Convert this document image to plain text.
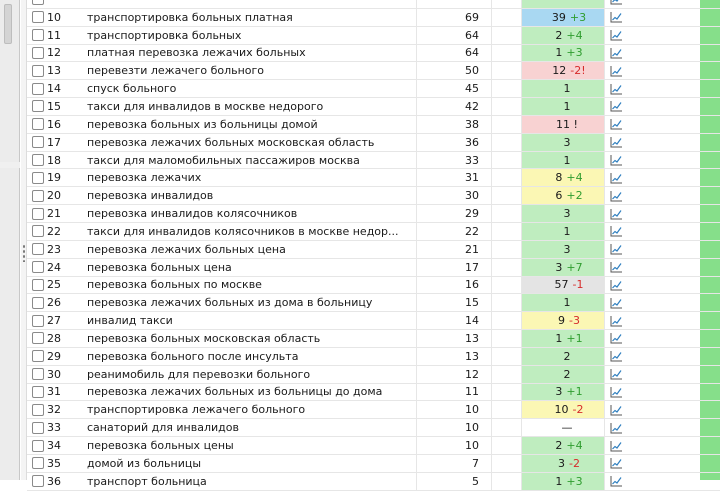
10	транспортировка больных платная	69	39 +3
11	транспортировка больных	64	2 +4
12	платная перевозка лежачих больных	64	1 +3
13	перевезти лежачего больного	50	12 -2!
14	спуск больного	45	1
15	такси для инвалидов в москве недорого	42	1
16	перевозка больных из больницы домой	38	11 !
17	перевозка лежачих больных московская область	36	3
18	такси для маломобильных пассажиров москва	33	1
19	перевозка лежачих	31	8 +4
20	перевозка инвалидов	30	6 +2
21	перевозка инвалидов колясочников	29	3
22	такси для инвалидов колясочников в москве недор...	22	1
23	перевозка лежачих больных цена	21	3
24	перевозка больных цена	17	3 +7
25	перевозка больных по москве	16	57 -1
26	перевозка лежачих больных из дома в больницу	15	1
27	инвалид такси	14	9 -3
28	перевозка больных московская область	13	1 +1
29	перевозка больного после инсульта	13	2
30	реанимобиль для перевозки больного	12	2
31	перевозка лежачих больных из больницы до дома	11	3 +1
32	транспортировка лежачего больного	10	10 -2
33	санаторий для инвалидов	10	—
34	перевозка больных цены	10	2 +4
35	домой из больницы	7	3 -2
36	транспорт больница	5	1 +3
